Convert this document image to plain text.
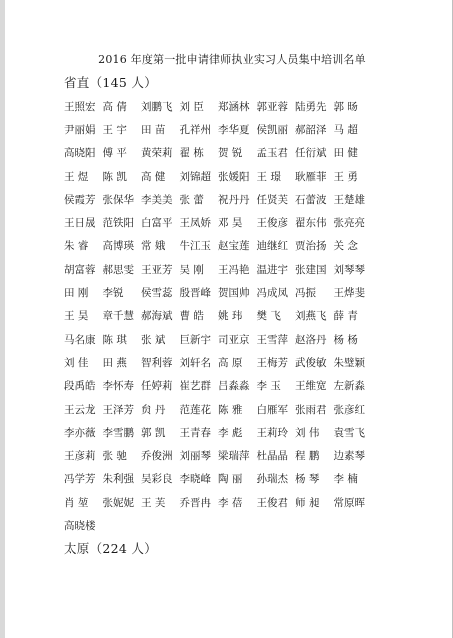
2016 年度第一批申请律师执业实习人员集中培训名单
省直（145 人）
王照宏 高 倩	刘鹏飞 刘 臣	郑涵林 郭亚蓉 陆勇先 郭 旸
尹丽娟 王 宇	田 苗	孔祥州 李华夏 侯凯丽 郝韶泽 马 超
高晓阳 傅 平	黄荣莉 翟 栋	贺 锐	孟玉君 任衍斌 田 健
王 煜	陈 凯	高 健	刘锦超 张媛阳 王 璟	耿雁菲 王 勇
侯霞芳 张保华 李美美 张 蕾	祝丹丹 任贤芙 石蕾波 王楚雄
王日晟 范铁阳 白富平 王凤娇 邓 昊	王俊彦 翟东伟 张亮亮
朱 睿	高博瑛 常 娥	牛江玉 赵宝莲 迪继红 贾治扬 关 念
胡富蓉 郝思雯 王亚芳 吴 刚	王冯艳 温进宇 张建国 刘琴琴
田 刚	李锐	侯雪蕊 殷晋峰 贺国帅 冯成凤 冯振	王烨斐
王 昊	章千慧 郝海斌 曹 皓	姚 玮	樊 飞	刘燕飞 薛 青
马名康 陈 琪	张 斌	巨新宇 司亚京 王雪萍 赵洛丹 杨 杨
刘 佳	田 燕	智利蓉 刘轩名 高 原	王梅芳 武俊敏 朱璧颖
段禹皓 李怀寿 任婷莉 崔艺群 吕淼淼 李 玉	王维宽 左新淼
王云龙 王泽芳 贠 丹	范莲花 陈 雅	白雁军 张雨君 张彦红
李亦薇 李雪鹏 郭 凯	王青春 李 彪	王莉玲 刘 伟	袁雪飞
王彦莉 张 驰	乔俊洲 刘丽琴 梁瑞萍 杜晶晶 程 鹏	边素琴
冯学芳 朱利强 吴彩良 李晓峰 陶 丽	孙瑞杰 杨 琴	李 楠
肖 堃	张妮妮 王 芙	乔晋冉 李 蓓	王俊君 师 昶	常原晖
高晓楼
太原（224 人）
